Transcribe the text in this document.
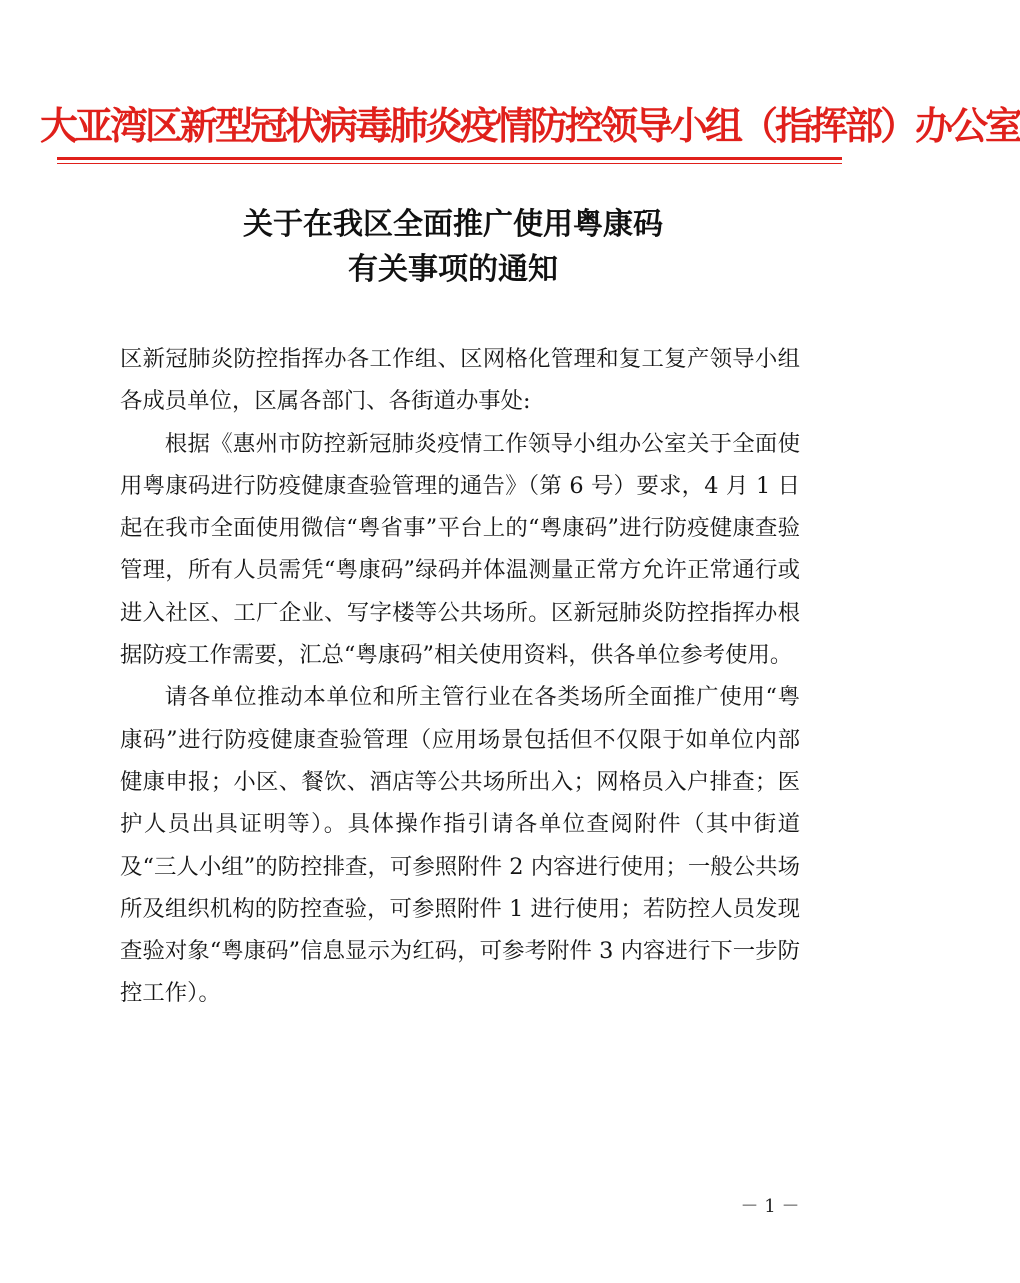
大亚湾区新型冠状病毒肺炎疫情防控领导小组（指挥部）办公室
关于在我区全面推广使用粤康码
有关事项的通知

区新冠肺炎防控指挥办各工作组、区网格化管理和复工复产领导小组各成员单位，区属各部门、各街道办事处:

根据《惠州市防控新冠肺炎疫情工作领导小组办公室关于全面使用粤康码进行防疫健康查验管理的通告》（第 6 号）要求，4 月 1 日起在我市全面使用微信“粤省事”平台上的“粤康码”进行防疫健康查验管理，所有人员需凭“粤康码”绿码并体温测量正常方允许正常通行或进入社区、工厂企业、写字楼等公共场所。区新冠肺炎防控指挥办根据防疫工作需要，汇总“粤康码”相关使用资料，供各单位参考使用。

请各单位推动本单位和所主管行业在各类场所全面推广使用“粤康码”进行防疫健康查验管理（应用场景包括但不仅限于如单位内部健康申报；小区、餐饮、酒店等公共场所出入；网格员入户排查；医护人员出具证明等）。具体操作指引请各单位查阅附件（其中街道及“三人小组”的防控排查，可参照附件 2 内容进行使用；一般公共场所及组织机构的防控查验，可参照附件 1 进行使用；若防控人员发现查验对象“粤康码”信息显示为红码，可参考附件 3 内容进行下一步防控工作）。

－ 1 －
